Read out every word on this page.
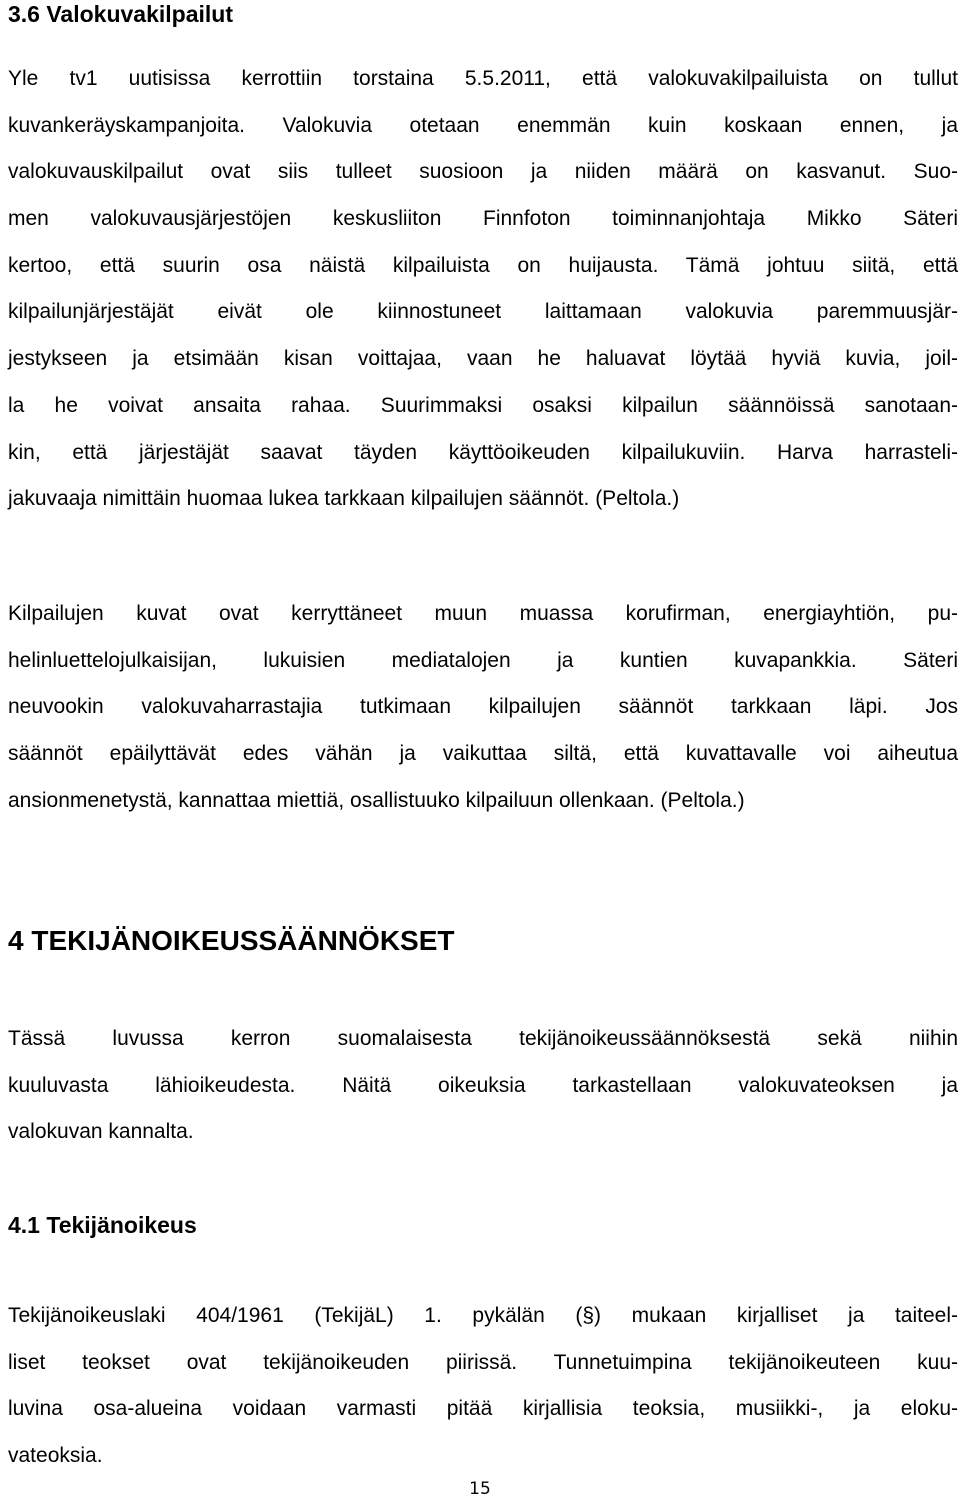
3.6 Valokuvakilpailut
Yle tv1 uutisissa kerrottiin torstaina 5.5.2011, että valokuvakilpailuista on tullut
kuvankeräyskampanjoita. Valokuvia otetaan enemmän kuin koskaan ennen, ja
valokuvauskilpailut ovat siis tulleet suosioon ja niiden määrä on kasvanut. Suo-
men valokuvausjärjestöjen keskusliiton Finnfoton toiminnanjohtaja Mikko Säteri
kertoo, että suurin osa näistä kilpailuista on huijausta. Tämä johtuu siitä, että
kilpailunjärjestäjät eivät ole kiinnostuneet laittamaan valokuvia paremmuusjär-
jestykseen ja etsimään kisan voittajaa, vaan he haluavat löytää hyviä kuvia, joil-
la he voivat ansaita rahaa. Suurimmaksi osaksi kilpailun säännöissä sanotaan-
kin, että järjestäjät saavat täyden käyttöoikeuden kilpailukuviin. Harva harrasteli-
jakuvaaja nimittäin huomaa lukea tarkkaan kilpailujen säännöt. (Peltola.)
Kilpailujen kuvat ovat kerryttäneet muun muassa korufirman, energiayhtiön, pu-
helinluettelojulkaisijan, lukuisien mediatalojen ja kuntien kuvapankkia. Säteri
neuvookin valokuvaharrastajia tutkimaan kilpailujen säännöt tarkkaan läpi. Jos
säännöt epäilyttävät edes vähän ja vaikuttaa siltä, että kuvattavalle voi aiheutua
ansionmenetystä, kannattaa miettiä, osallistuuko kilpailuun ollenkaan. (Peltola.)
4 TEKIJÄNOIKEUSSÄÄNNÖKSET
Tässä luvussa kerron suomalaisesta tekijänoikeussäännöksestä sekä niihin
kuuluvasta lähioikeudesta. Näitä oikeuksia tarkastellaan valokuvateoksen ja
valokuvan kannalta.
4.1 Tekijänoikeus
Tekijänoikeuslaki 404/1961 (TekijäL) 1. pykälän (§) mukaan kirjalliset ja taiteel-
liset teokset ovat tekijänoikeuden piirissä. Tunnetuimpina tekijänoikeuteen kuu-
luvina osa-alueina voidaan varmasti pitää kirjallisia teoksia, musiikki-, ja eloku-
vateoksia.
15
